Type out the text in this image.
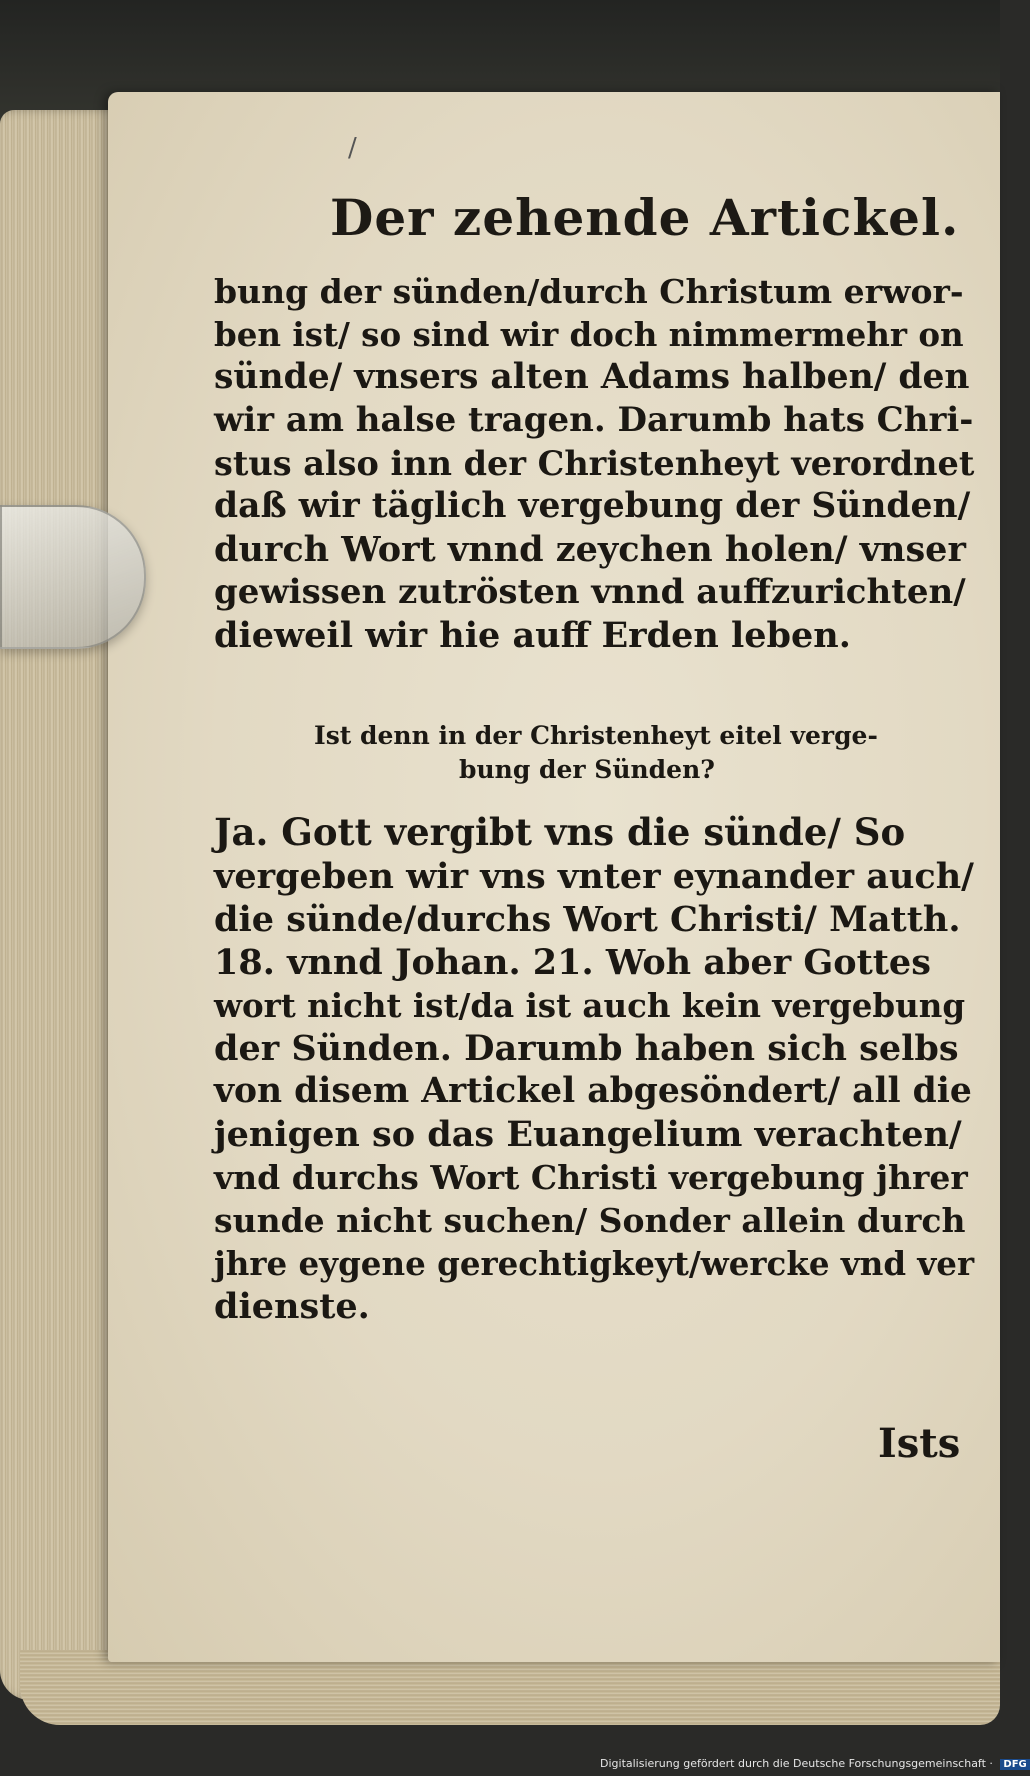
/
Der zehende Artickel.
bung der sünden/durch Christum erwor-
ben ist/ so sind wir doch nimmermehr on
sünde/ vnsers alten Adams halben/ den
wir am halse tragen. Darumb hats Chri-
stus also inn der Christenheyt verordnet
daß wir täglich vergebung der Sünden/
durch Wort vnnd zeychen holen/ vnser
gewissen zutrösten vnnd auffzurichten/
dieweil wir hie auff Erden leben.
Ist denn in der Christenheyt eitel verge-
bung der Sünden?
Ja. Gott vergibt vns die sünde/ So
vergeben wir vns vnter eynander auch/
die sünde/durchs Wort Christi/ Matth.
18. vnnd Johan. 21. Woh aber Gottes
wort nicht ist/da ist auch kein vergebung
der Sünden. Darumb haben sich selbs
von disem Artickel abgesöndert/ all die
jenigen so das Euangelium verachten/
vnd durchs Wort Christi vergebung jhrer
sunde nicht suchen/ Sonder allein durch
jhre eygene gerechtigkeyt/wercke vnd ver
dienste.
Ists
Digitalisierung gefördert durch die Deutsche Forschungsgemeinschaft · DFG
